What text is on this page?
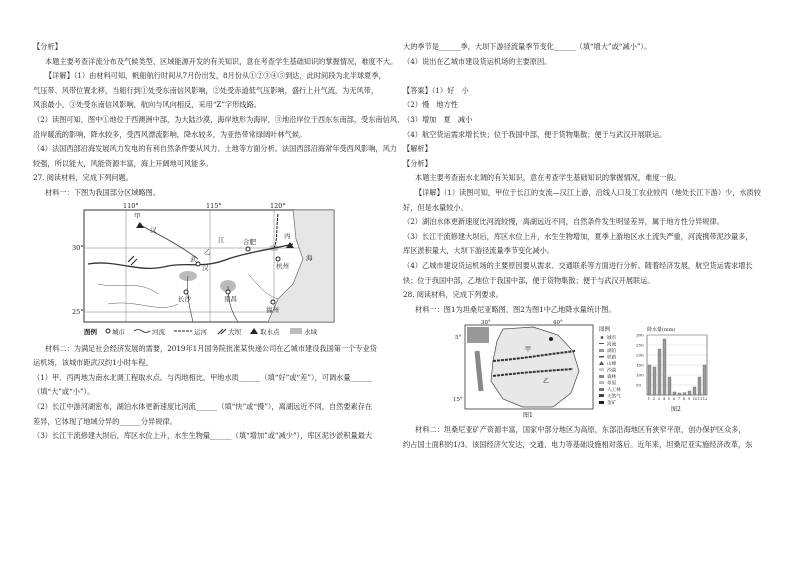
【分析】

本题主要考查洋流分布及气候类型、区域能源开发的有关知识，意在考查学生基础知识的掌握情况，难度不大。

【详解】（1）由材料可知，帆船航行时间从7月份出发，8月份从①②③④⑤到达，此时间段为北半球夏季，

气压带、风带位置北移，当船行到①处受东南信风影响，②处受赤道低气压影响，盛行上升气流，为无风带，

风浪最小，③处受东南信风影响，航向与风向相反，采用“Z”字形线路。

（2）读图可知，图中①地位于西澳洲中部，为大陆沙漠，海岸地形为海岸，③地沿岸位于西东东南部，受东南信风、

沿岸暖流的影响，降水较多，受西风漂流影响，降水较多，为亚热带常绿阔叶林气候。

（4）法国西部沿海发展风力发电的有利自然条件要从风力、土地等方面分析。法国西部沿海常年受西风影响，风力

较强，所以能大，风能资源丰富，海上开阔地可风能多。

27. 阅读材料，完成下列问题。

材料一：下图为我国部分区域略图。

110°	115°	120°
30°
25°
汉
江
甲
合肥
乙
武
汉	杭州
海
南昌
长沙
福州
丙
图例 城市	河流	运河	大坝	取水点	水域

材料二：为满足社会经济发展的需要，2019年1月国务院批准某快递公司在乙城市建设我国第一个专业货运机场，该城市距武汉约1小时车程。

（1）甲、丙两地为南水北调工程取水点。与丙地相比，甲地水质______（填“好”或“差”），可调水量______

（填“大”或“小”）。

（2）长江中游河湖密布，湖泊水体更新速度比河流______（填“快”或“慢”），离湖远近不同，自然要素存在

差异，它体现了地域分异的______分异规律。

（3）长江干流修建大坝后，库区水位上升，水生生物量______（填“增加”或“减少”），库区泥沙淤积量最大

大的季节是______季，大坝下游径流量季节变化______（填“增大”或“减小”）。

（4）说出在乙城市建设货运机场的主要原因。

【答案】（1）好　小

（2）慢　地方性

（3）增加　夏　减小

（4）航空货运需求增长快；位于我国中部，便于货物集散；便于与武汉开展联运。

【解析】

【分析】

本题主要考查南水北调的有关知识，意在考查学生基础知识的掌握情况，难度一般。

【详解】（1）读图可知，甲位于长江的支流—汉江上游，沿线人口及工农业较丙（地处长江下游）少，水质较

好，但是水量较小。

（2）湖泊水体更新速度比河流较慢，离湖远近不同，自然条件发生明显差异，属于地方性分异规律。

（3）长江干流修建大坝后，库区水位上升，水生生物增加，夏季上游地区水土流失严重，河流携带泥沙量多，

库区淤积量大，大坝下游径流量季节变化减小。

（4）乙城市建设货运机场的主要原因要从需求、交通联系等方面进行分析。随着经济发展，航空货运需求增长

快；位于我国中部，乙地位于我国中部，便于货物集散；便于与武汉开展联运。

28. 阅读材料，完成下列要求。

材料一：图1为坦桑尼亚略图，图2为图1中乙地降水量统计图。

30°	40°
5°
15°
甲
乙
图1
图例
城市
河流
湖泊
铁路
山峰
沙漠
森林
草原
人工林
天然气
金矿
降水量(mm)
300
250
200
150
100
50
1 2 3 4 5 6 7 8 9 10 11 12
图2

材料二：坦桑尼亚矿产资源丰富，国家中部分地区为高原，东部沿海地区有狭窄平原，创办保护区众多，

约占国土面积的1/3。该国经济欠发达，交通、电力等基础设施相对落后。近年来，坦桑尼亚实施经济改革，东
